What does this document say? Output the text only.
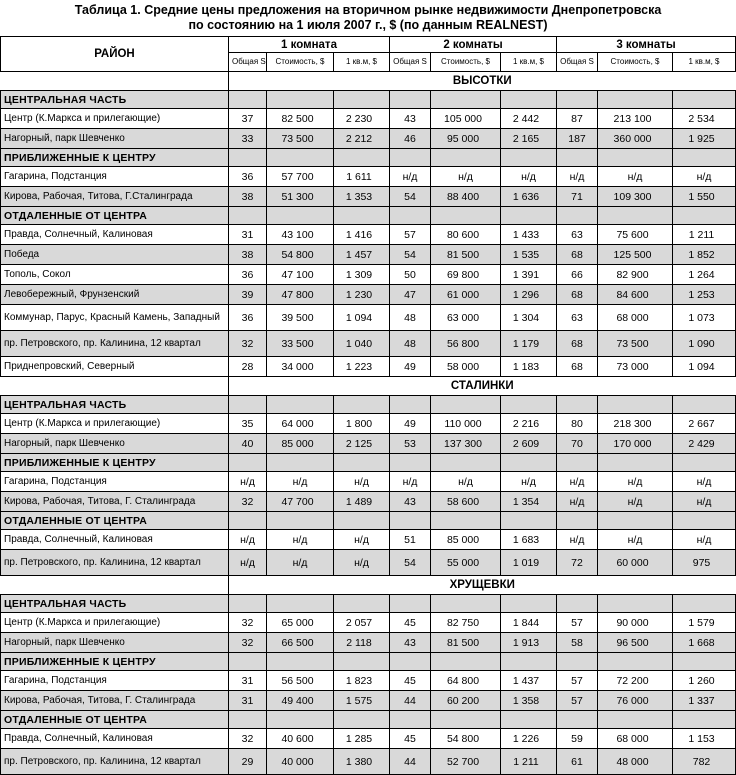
Таблица 1. Средние цены предложения на вторичном рынке недвижимости Днепропетровска
по состоянию на 1 июля 2007 г., $ (по данным REALNEST)
РАЙОН	1 комната			2 комнаты			3 комнаты		
	Общая S	Стоимость, $	1 кв.м, $	Общая S	Стоимость, $	1 кв.м, $	Общая S	Стоимость, $	1 кв.м, $
	ВЫСОТКИ								
ЦЕНТРАЛЬНАЯ ЧАСТЬ									
Центр (К.Маркса и прилегающие)	37	82 500	2 230	43	105 000	2 442	87	213 100	2 534
Нагорный, парк Шевченко	33	73 500	2 212	46	95 000	2 165	187	360 000	1 925
ПРИБЛИЖЕННЫЕ К ЦЕНТРУ									
Гагарина, Подстанция	36	57 700	1 611	н/д	н/д	н/д	н/д	н/д	н/д
Кирова, Рабочая, Титова, Г.Сталинграда	38	51 300	1 353	54	88 400	1 636	71	109 300	1 550
ОТДАЛЕННЫЕ ОТ ЦЕНТРА									
Правда, Солнечный, Калиновая	31	43 100	1 416	57	80 600	1 433	63	75 600	1 211
Победа	38	54 800	1 457	54	81 500	1 535	68	125 500	1 852
Тополь, Сокол	36	47 100	1 309	50	69 800	1 391	66	82 900	1 264
Левобережный, Фрунзенский	39	47 800	1 230	47	61 000	1 296	68	84 600	1 253
Коммунар, Парус, Красный Камень, Западный	36	39 500	1 094	48	63 000	1 304	63	68 000	1 073
пр. Петровского, пр. Калинина, 12 квартал	32	33 500	1 040	48	56 800	1 179	68	73 500	1 090
Приднепровский, Северный	28	34 000	1 223	49	58 000	1 183	68	73 000	1 094
	СТАЛИНКИ								
ЦЕНТРАЛЬНАЯ ЧАСТЬ									
Центр (К.Маркса и прилегающие)	35	64 000	1 800	49	110 000	2 216	80	218 300	2 667
Нагорный, парк Шевченко	40	85 000	2 125	53	137 300	2 609	70	170 000	2 429
ПРИБЛИЖЕННЫЕ К ЦЕНТРУ									
Гагарина, Подстанция	н/д	н/д	н/д	н/д	н/д	н/д	н/д	н/д	н/д
Кирова, Рабочая, Титова, Г. Сталинграда	32	47 700	1 489	43	58 600	1 354	н/д	н/д	н/д
ОТДАЛЕННЫЕ ОТ ЦЕНТРА									
Правда, Солнечный, Калиновая	н/д	н/д	н/д	51	85 000	1 683	н/д	н/д	н/д
пр. Петровского, пр. Калинина, 12 квартал	н/д	н/д	н/д	54	55 000	1 019	72	60 000	975
	ХРУЩЕВКИ								
ЦЕНТРАЛЬНАЯ ЧАСТЬ									
Центр (К.Маркса и прилегающие)	32	65 000	2 057	45	82 750	1 844	57	90 000	1 579
Нагорный, парк Шевченко	32	66 500	2 118	43	81 500	1 913	58	96 500	1 668
ПРИБЛИЖЕННЫЕ К ЦЕНТРУ									
Гагарина, Подстанция	31	56 500	1 823	45	64 800	1 437	57	72 200	1 260
Кирова, Рабочая, Титова, Г. Сталинграда	31	49 400	1 575	44	60 200	1 358	57	76 000	1 337
ОТДАЛЕННЫЕ ОТ ЦЕНТРА									
Правда, Солнечный, Калиновая	32	40 600	1 285	45	54 800	1 226	59	68 000	1 153
пр. Петровского, пр. Калинина, 12 квартал	29	40 000	1 380	44	52 700	1 211	61	48 000	782
